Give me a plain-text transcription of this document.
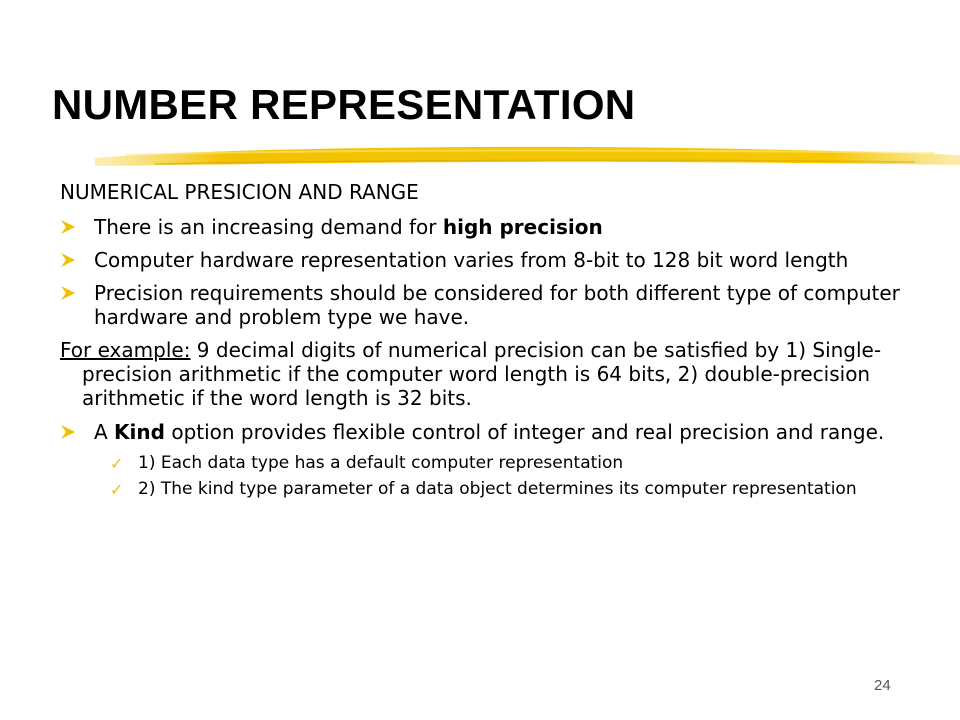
NUMBER REPRESENTATION

NUMERICAL PRESICION AND RANGE

There is an increasing demand for high precision

Computer hardware representation varies from 8-bit to 128 bit word length

Precision requirements should be considered for both different type of computer hardware and problem type we have.

For example: 9 decimal digits of numerical precision can be satisfied by 1) Single-precision arithmetic if the computer word length is 64 bits, 2) double-precision arithmetic if the word length is 32 bits.

A Kind option provides flexible control of integer and real precision and range.

✓ 1) Each data type has a default computer representation

✓ 2) The kind type parameter of a data object determines its computer representation

24
